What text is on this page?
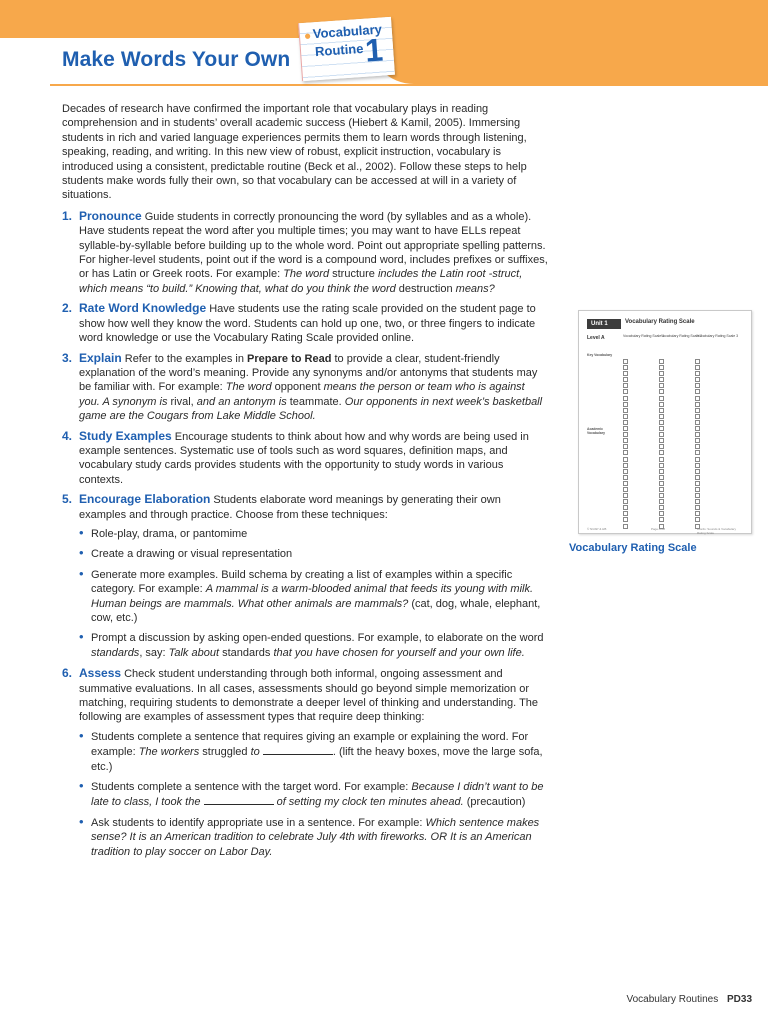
Make Words Your Own
● Vocabulary
Routine 1

Decades of research have confirmed the important role that vocabulary plays in reading comprehension and in students’ overall academic success (Hiebert & Kamil, 2005). Immersing students in rich and varied language experiences permits them to learn words through listening, speaking, reading, and writing. In this new view of robust, explicit instruction, vocabulary is introduced using a consistent, predictable routine (Beck et al., 2002). Follow these steps to help students make words fully their own, so that vocabulary can be accessed at will in a variety of situations.

1. Pronounce Guide students in correctly pronouncing the word (by syllables and as a whole). Have students repeat the word after you multiple times; you may want to have ELLs repeat syllable-by-syllable before building up to the whole word. Point out appropriate spelling patterns. For higher-level students, point out if the word is a compound word, includes prefixes or suffixes, or has Latin or Greek roots. For example: The word structure includes the Latin root -struct, which means “to build.” Knowing that, what do you think the word destruction means?
2. Rate Word Knowledge Have students use the rating scale provided on the student page to show how well they know the word. Students can hold up one, two, or three fingers to indicate word knowledge or use the Vocabulary Rating Scale provided online.
3. Explain Refer to the examples in Prepare to Read to provide a clear, student-friendly explanation of the word’s meaning. Provide any synonyms and/or antonyms that students may be familiar with. For example: The word opponent means the person or team who is against you. A synonym is rival, and an antonym is teammate. Our opponents in next week’s basketball game are the Cougars from Lake Middle School.
4. Study Examples Encourage students to think about how and why words are being used in example sentences. Systematic use of tools such as word squares, definition maps, and vocabulary study cards provides students with the opportunity to study words in various contexts.
5. Encourage Elaboration Students elaborate word meanings by generating their own examples and through practice. Choose from these techniques:
• Role-play, drama, or pantomime
• Create a drawing or visual representation
• Generate more examples. Build schema by creating a list of examples within a specific category. For example: A mammal is a warm-blooded animal that feeds its young with milk. Human beings are mammals. What other animals are mammals? (cat, dog, whale, elephant, cow, etc.)
• Prompt a discussion by asking open-ended questions. For example, to elaborate on the word standards, say: Talk about standards that you have chosen for yourself and your own life.
6. Assess Check student understanding through both informal, ongoing assessment and summative evaluations. In all cases, assessments should go beyond simple memorization or matching, requiring students to demonstrate a deeper level of thinking and understanding. The following are examples of assessment types that require deep thinking:
• Students complete a sentence that requires giving an example or explaining the word. For example: The workers struggled to	. (lift the heavy boxes, move the large sofa, etc.)
• Students complete a sentence with the target word. For example: Because I didn’t want to be late to class, I took the	of setting my clock ten minutes ahead. (precaution)
• Ask students to identify appropriate use in a sentence. For example: Which sentence makes sense? It is an American tradition to celebrate July 4th with fireworks. OR It is an American tradition to play soccer on Labor Day.
Unit 1	Vocabulary Rating Scale
Level A	Vocabulary Rating Scale 1
Vocabulary Rating Scale 2
Vocabulary Rating Scale 3
Key Vocabulary
Academic Vocabulary
© NGSP & HB	Page A-88	Words: Sounds & Vocabulary Rating Scale
Vocabulary Rating Scale
Vocabulary Routines PD33
